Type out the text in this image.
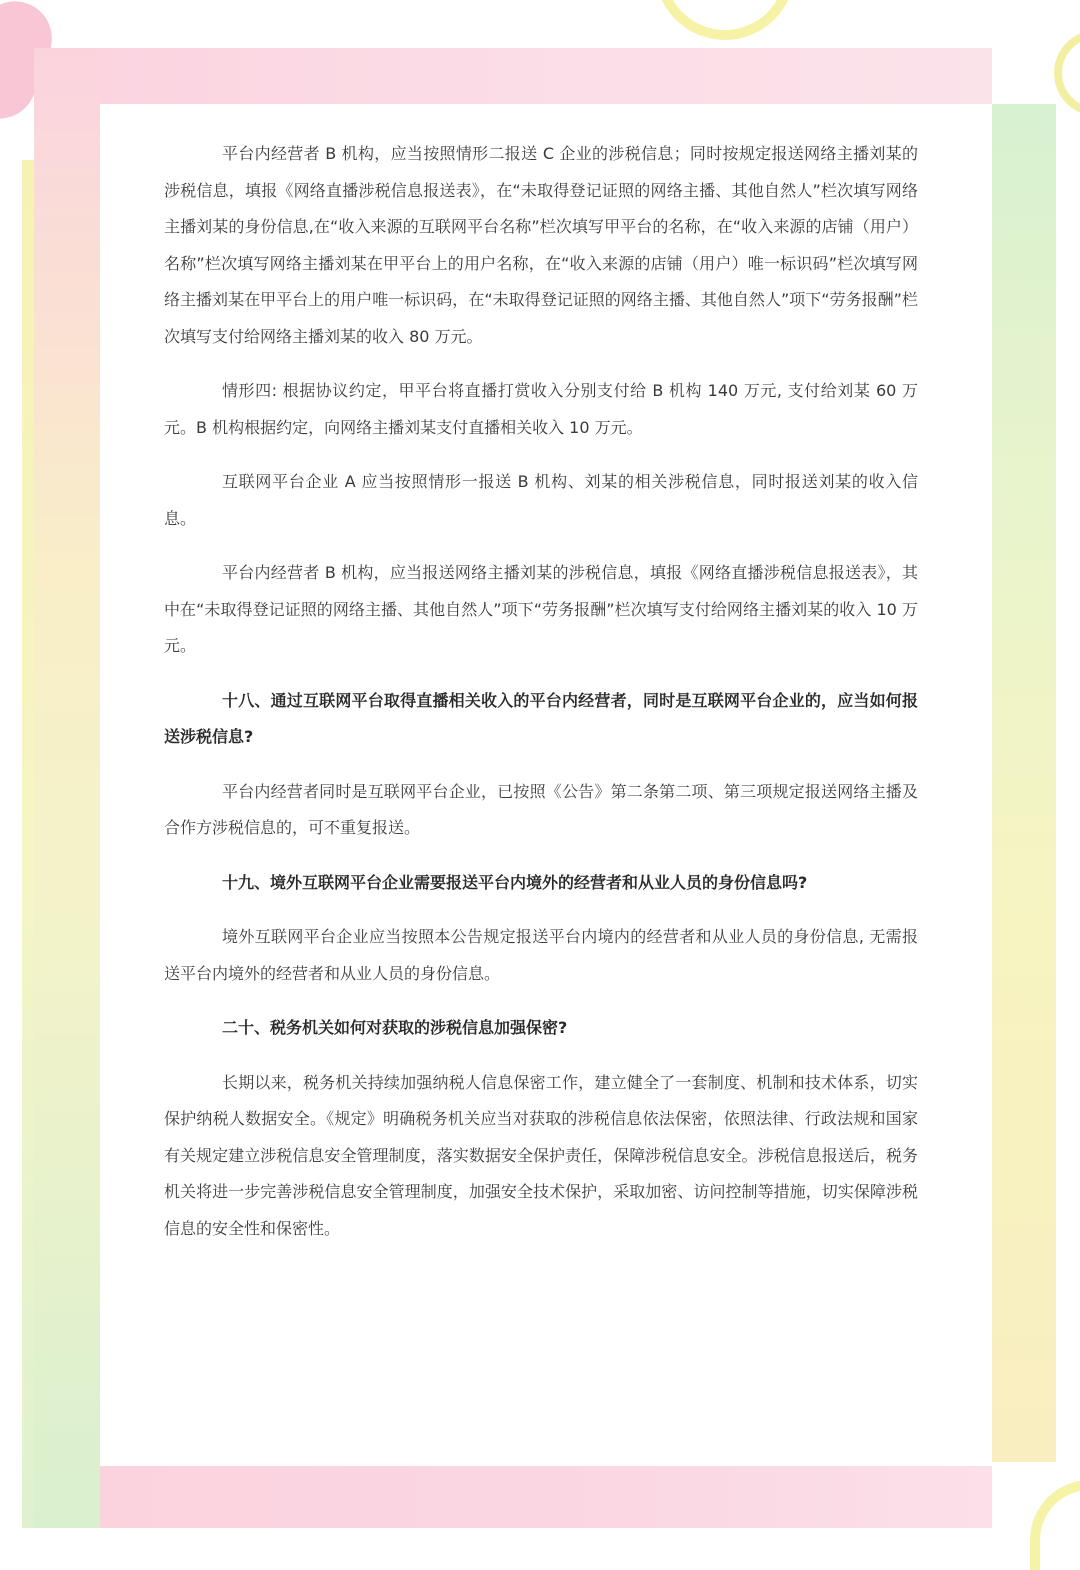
平台内经营者 B 机构，应当按照情形二报送 C 企业的涉税信息；同时按规定报送网络主播刘某的涉税信息，填报《网络直播涉税信息报送表》，在“未取得登记证照的网络主播、其他自然人”栏次填写网络主播刘某的身份信息,在“收入来源的互联网平台名称”栏次填写甲平台的名称，在“收入来源的店铺（用户）名称”栏次填写网络主播刘某在甲平台上的用户名称，在“收入来源的店铺（用户）唯一标识码”栏次填写网络主播刘某在甲平台上的用户唯一标识码，在“未取得登记证照的网络主播、其他自然人”项下“劳务报酬”栏次填写支付给网络主播刘某的收入 80 万元。

情形四: 根据协议约定，甲平台将直播打赏收入分别支付给 B 机构 140 万元, 支付给刘某 60 万元。B 机构根据约定，向网络主播刘某支付直播相关收入 10 万元。

互联网平台企业 A 应当按照情形一报送 B 机构、刘某的相关涉税信息，同时报送刘某的收入信息。

平台内经营者 B 机构，应当报送网络主播刘某的涉税信息，填报《网络直播涉税信息报送表》，其中在“未取得登记证照的网络主播、其他自然人”项下“劳务报酬”栏次填写支付给网络主播刘某的收入 10 万元。

十八、通过互联网平台取得直播相关收入的平台内经营者，同时是互联网平台企业的，应当如何报送涉税信息?

平台内经营者同时是互联网平台企业，已按照《公告》第二条第二项、第三项规定报送网络主播及合作方涉税信息的，可不重复报送。

十九、境外互联网平台企业需要报送平台内境外的经营者和从业人员的身份信息吗?

境外互联网平台企业应当按照本公告规定报送平台内境内的经营者和从业人员的身份信息, 无需报送平台内境外的经营者和从业人员的身份信息。

二十、税务机关如何对获取的涉税信息加强保密?

长期以来，税务机关持续加强纳税人信息保密工作，建立健全了一套制度、机制和技术体系，切实保护纳税人数据安全。《规定》明确税务机关应当对获取的涉税信息依法保密，依照法律、行政法规和国家有关规定建立涉税信息安全管理制度，落实数据安全保护责任，保障涉税信息安全。涉税信息报送后，税务机关将进一步完善涉税信息安全管理制度，加强安全技术保护，采取加密、访问控制等措施，切实保障涉税信息的安全性和保密性。
